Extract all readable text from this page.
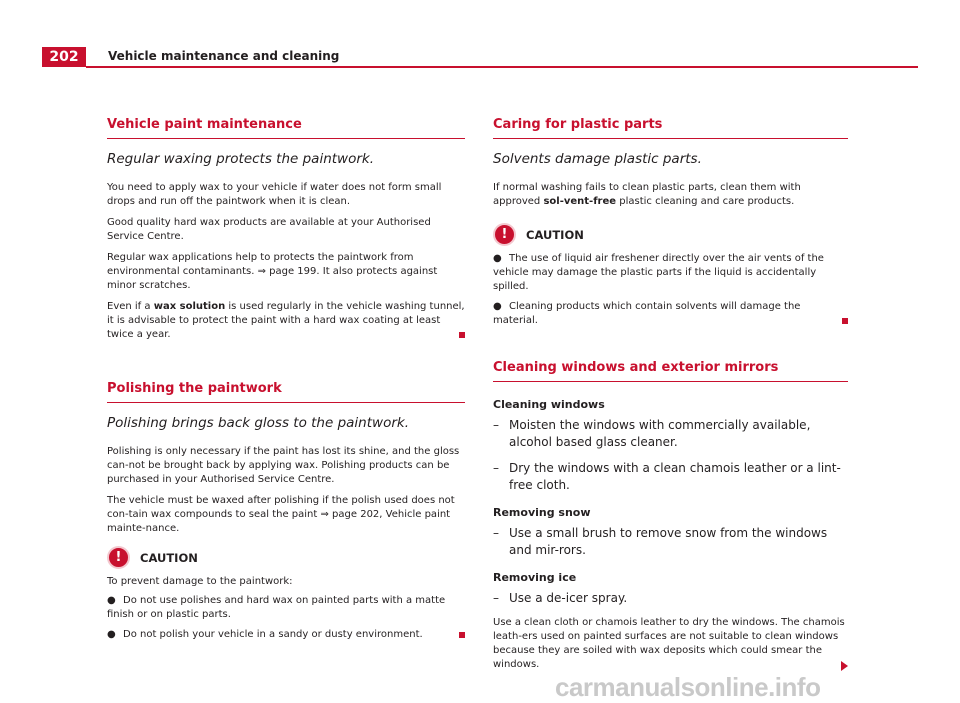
202	Vehicle maintenance and cleaning
Vehicle paint maintenance
Regular waxing protects the paintwork.

You need to apply wax to your vehicle if water does not form small drops and run off the paintwork when it is clean.

Good quality hard wax products are available at your Authorised Service Centre.

Regular wax applications help to protects the paintwork from environmental contaminants. ⇒ page 199. It also protects against minor scratches.

Even if a wax solution is used regularly in the vehicle washing tunnel, it is advisable to protect the paint with a hard wax coating at least twice a year.

Polishing the paintwork
Polishing brings back gloss to the paintwork.

Polishing is only necessary if the paint has lost its shine, and the gloss can-not be brought back by applying wax. Polishing products can be purchased in your Authorised Service Centre.

The vehicle must be waxed after polishing if the polish used does not con-tain wax compounds to seal the paint ⇒ page 202, Vehicle paint mainte-nance.

!	CAUTION

To prevent damage to the paintwork:

● Do not use polishes and hard wax on painted parts with a matte finish or on plastic parts.

● Do not polish your vehicle in a sandy or dusty environment.

Caring for plastic parts
Solvents damage plastic parts.

If normal washing fails to clean plastic parts, clean them with approved sol-vent-free plastic cleaning and care products.

!	CAUTION

● The use of liquid air freshener directly over the air vents of the vehicle may damage the plastic parts if the liquid is accidentally spilled.

● Cleaning products which contain solvents will damage the material.

Cleaning windows and exterior mirrors
Cleaning windows

– Moisten the windows with commercially available, alcohol based glass cleaner.

– Dry the windows with a clean chamois leather or a lint-free cloth.

Removing snow

– Use a small brush to remove snow from the windows and mir-rors.

Removing ice

– Use a de-icer spray.

Use a clean cloth or chamois leather to dry the windows. The chamois leath-ers used on painted surfaces are not suitable to clean windows because they are soiled with wax deposits which could smear the windows.

carmanualsonline.info
